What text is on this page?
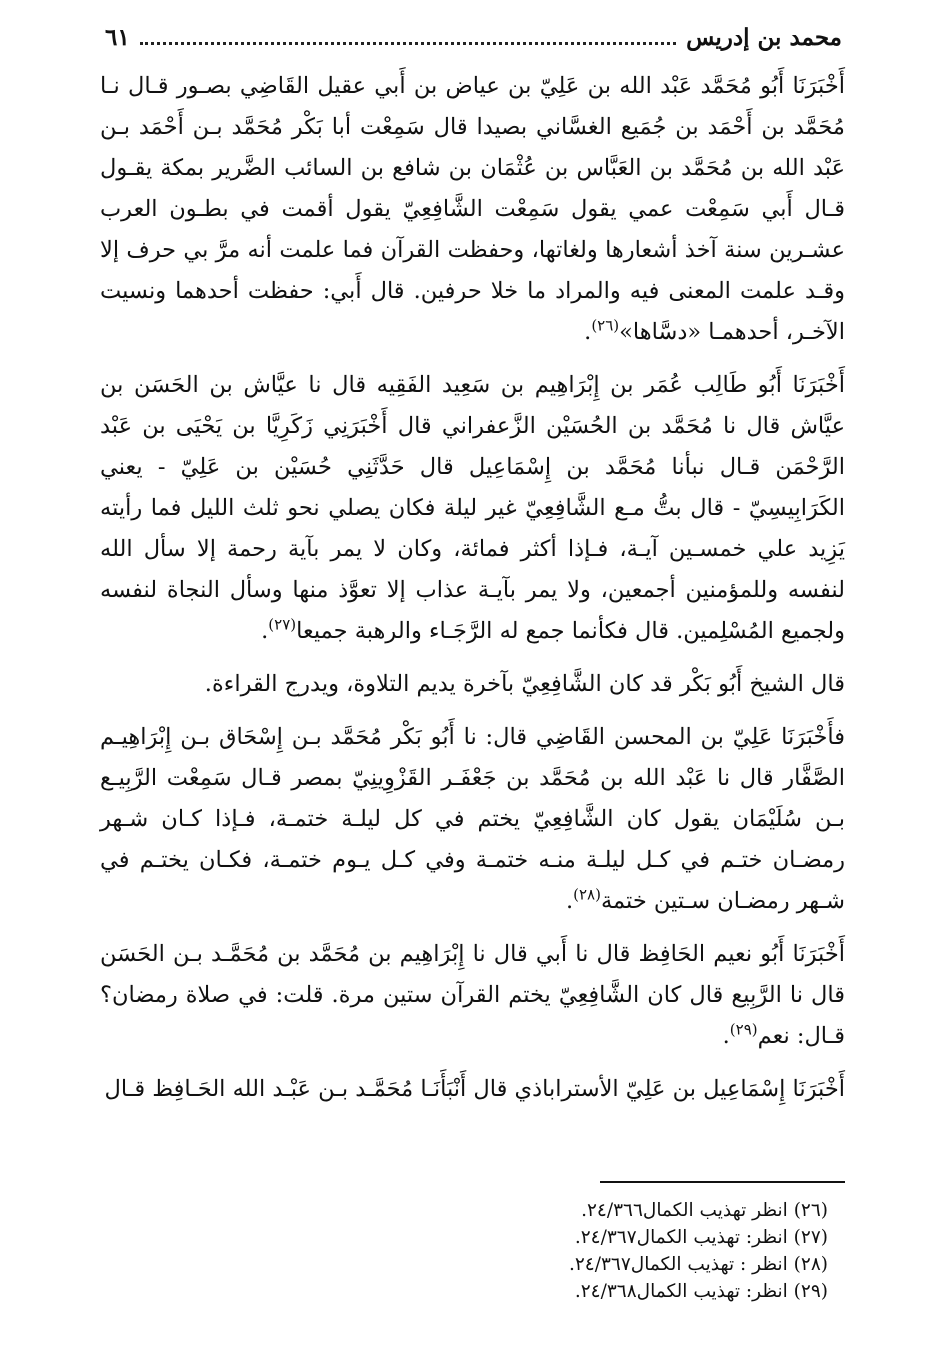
محمد بن إدريس
٦١

أَخْبَرَنَا أَبُو مُحَمَّد عَبْد الله بن عَلِيّ بن عياض بن أَبي عقيل القَاضِي بصـور قـال نـا مُحَمَّد بن أَحْمَد بن جُمَيع الغسَّاني بصيدا قال سَمِعْت أبا بَكْر مُحَمَّد بـن أَحْمَد بـن عَبْد الله بن مُحَمَّد بن العَبَّاس بن عُثْمَان بن شافع بن السائب الضَّرير بمكة يقـول قـال أَبي سَمِعْت عمي يقول سَمِعْت الشَّافِعِيّ يقول أقمت في بطـون العرب عشـرين سنة آخذ أشعارها ولغاتها، وحفظت القرآن فما علمت أنه مرَّ بي حرف إلا وقـد علمت المعنى فيه والمراد ما خلا حرفين. قال أَبي: حفظت أحدهما ونسيت الآخـر، أحدهمـا «دسَّاها»$^{(٢٦)}$.

أَخْبَرَنَا أَبُو طَالِب عُمَر بن إِبْرَاهِيم بن سَعِيد الفَقِيه قال نا عيَّاش بن الحَسَن بن عيَّاش قال نا مُحَمَّد بن الحُسَيْن الزَّعفراني قال أَخْبَرَنِي زَكَرِيَّا بن يَحْيَى بن عَبْد الرَّحْمَن قـال نبأنا مُحَمَّد بن إِسْمَاعِيل قال حَدَّثَنِي حُسَيْن بن عَلِيّ - يعني الكَرَابِيسِيّ - قال بتُّ مـع الشَّافِعِيّ غير ليلة فكان يصلي نحو ثلث الليل فما رأيته يَزِيد علي خمسـين آيـة، فـإذا أكثر فمائة، وكان لا يمر بآية رحمة إلا سأل الله لنفسه وللمؤمنين أجمعين، ولا يمر بآيـة عذاب إلا تعوَّذ منها وسأل النجاة لنفسه ولجميع المُسْلِمين. قال فكأنما جمع له الرَّجَـاء والرهبة جميعا$^{(٢٧)}$.

قال الشيخ أَبُو بَكْر قد كان الشَّافِعِيّ بآخرة يديم التلاوة، ويدرج القراءة.

فأَخْبَرَنَا عَلِيّ بن المحسن القَاضِي قال: نا أَبُو بَكْر مُحَمَّد بـن إِسْحَاق بـن إِبْرَاهِيـم الصَّفَّار قال نا عَبْد الله بن مُحَمَّد بن جَعْفَـر القَزْوِينِيّ بمصر قـال سَمِعْت الرَّبِيـع بـن سُلَيْمَان يقول كان الشَّافِعِيّ يختم في كل ليلـة ختمـة، فـإذا كـان شـهر رمضـان ختـم في كـل ليلـة منـه ختمـة وفي كـل يـوم ختمـة، فكـان يختـم في شـهر رمضـان سـتين ختمة$^{(٢٨)}$.

أَخْبَرَنَا أَبُو نعيم الحَافِظ قال نا أَبي قال نا إِبْرَاهِيم بن مُحَمَّد بن مُحَمَّـد بـن الحَسَن قال نا الرَّبِيع قال كان الشَّافِعِيّ يختم القرآن ستين مرة. قلت: في صلاة رمضان؟ قـال: نعم$^{(٢٩)}$.

أَخْبَرَنَا إِسْمَاعِيل بن عَلِيّ الأستراباذي قال أَنْبَأَنَـا مُحَمَّـد بـن عَبْـد الله الحَـافِظ قـال

(٢٦) انظر تهذيب الكمال٢٤/٣٦٦.
(٢٧) انظر: تهذيب الكمال٢٤/٣٦٧.
(٢٨) انظر : تهذيب الكمال٢٤/٣٦٧.
(٢٩) انظر: تهذيب الكمال٢٤/٣٦٨.
